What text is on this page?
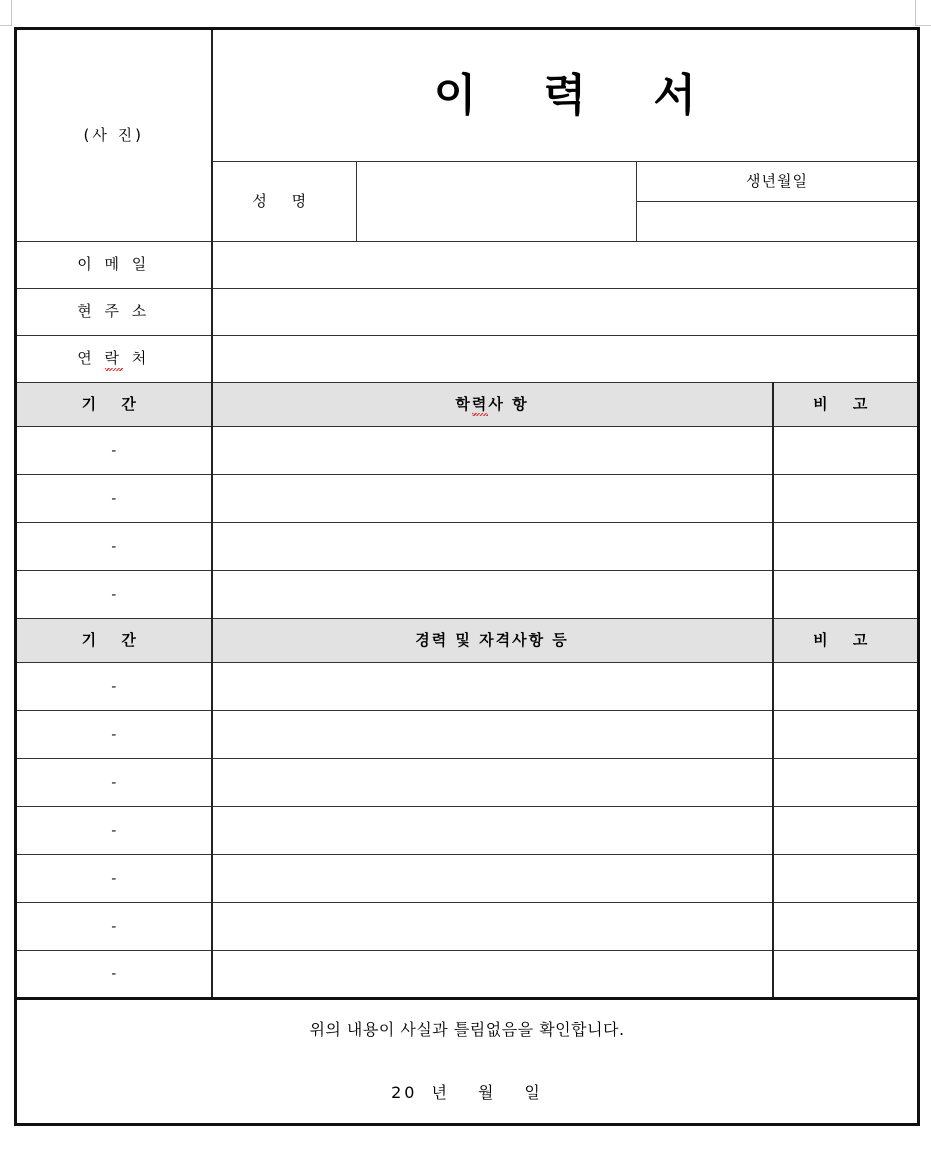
(사 진)	이 력 서			

	성 명		생년월일	

이 메 일				
현 주 소				
연 락 처				
기 간	학력사 항			비 고
-				
-				
-				
-				
기 간	경력 및 자격사항 등			비 고
-				
-				
-				
-				
-				
-				
-				

위의 내용이 사실과 틀림없음을 확인합니다.
20 년 월 일				
